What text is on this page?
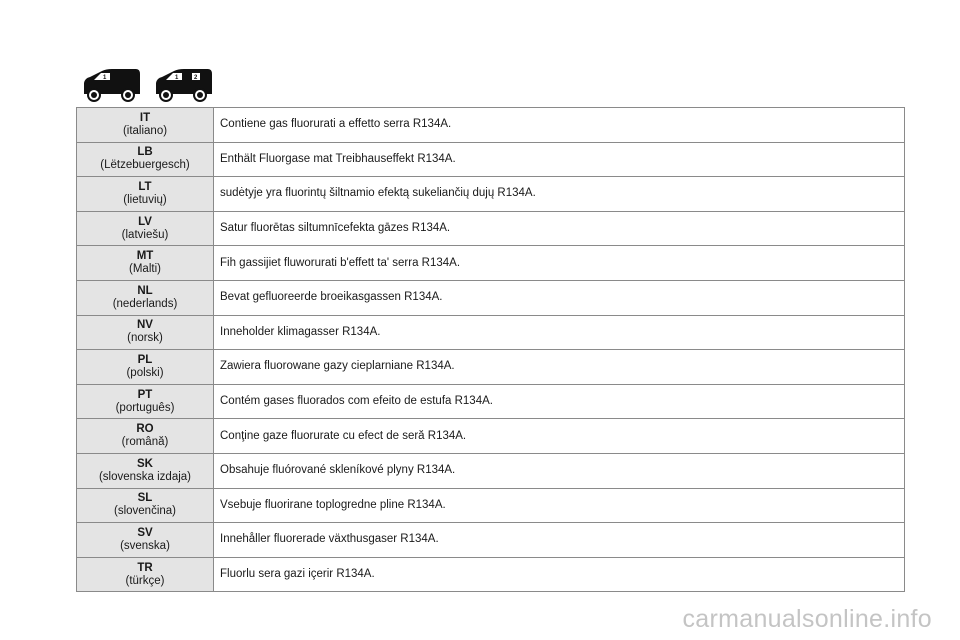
1	1	2
IT
(italiano)	Contiene gas fluorurati a effetto serra R134A.

LB
(Lëtzebuergesch)	Enthält Fluorgase mat Treibhauseffekt R134A.

LT
(lietuvių)	sudėtyje yra fluorintų šiltnamio efektą sukeliančių dujų R134A.

LV
(latviešu)	Satur fluorētas siltumnīcefekta gāzes R134A.

MT
(Malti)	Fih gassijiet fluworurati b'effett ta' serra R134A.

NL
(nederlands)	Bevat gefluoreerde broeikasgassen R134A.

NV
(norsk)	Inneholder klimagasser R134A.

PL
(polski)	Zawiera fluorowane gazy cieplarniane R134A.

PT
(português)	Contém gases fluorados com efeito de estufa R134A.

RO
(română)	Conţine gaze fluorurate cu efect de seră R134A.

SK
(slovenska izdaja)	Obsahuje fluórované skleníkové plyny R134A.

SL
(slovenčina)	Vsebuje fluorirane toplogredne pline R134A.

SV
(svenska)	Innehåller fluorerade växthusgaser R134A.

TR
(türkçe)	Fluorlu sera gazi içerir R134A.
carmanualsonline.info
